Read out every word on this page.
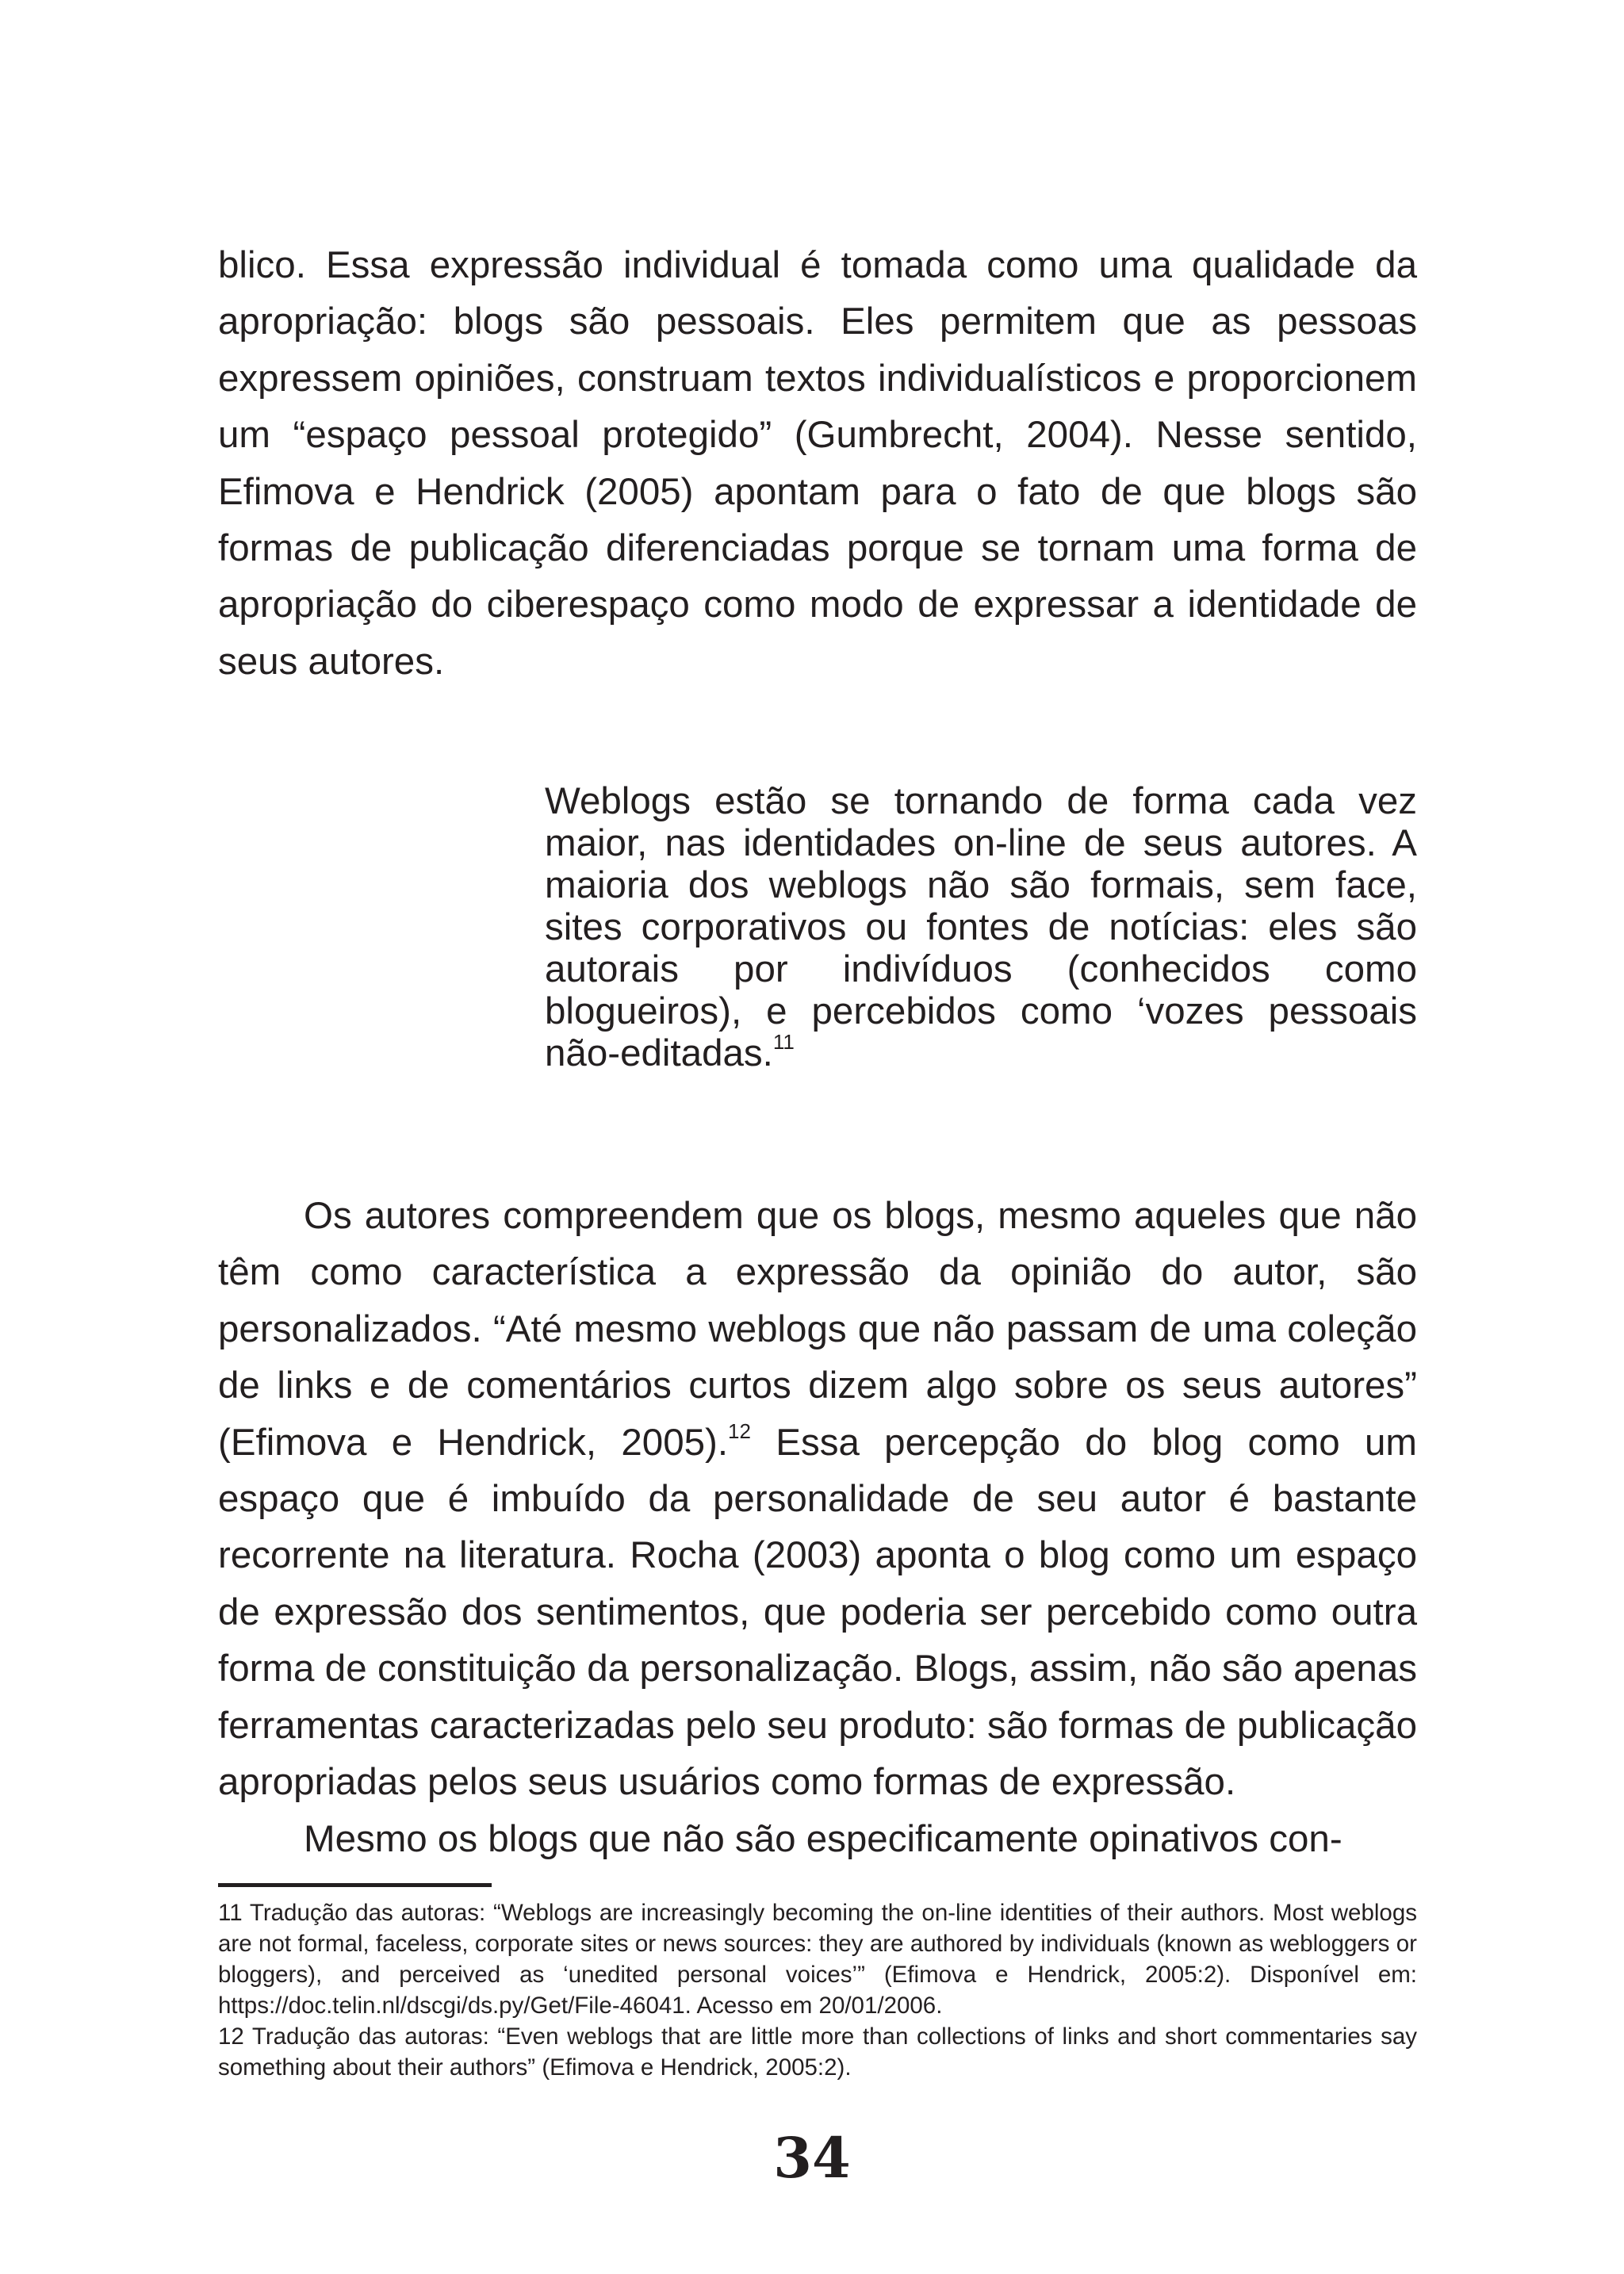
blico. Essa expressão individual é tomada como uma qualidade da apropriação: blogs são pessoais. Eles permitem que as pessoas expressem opiniões, construam textos individualísticos e proporcionem um “espaço pessoal protegido” (Gumbrecht, 2004). Nesse sentido, Efimova e Hendrick (2005) apontam para o fato de que blogs são formas de publicação diferenciadas porque se tornam uma forma de apropriação do ciberespaço como modo de expressar a identidade de seus autores.

Weblogs estão se tornando de forma cada vez maior, nas identidades on-line de seus autores. A maioria dos weblogs não são formais, sem face, sites corporativos ou fontes de notícias: eles são autorais por indivíduos (conhecidos como blogueiros), e percebidos como ‘vozes pessoais não-editadas.$^{11}$

Os autores compreendem que os blogs, mesmo aqueles que não têm como característica a expressão da opinião do autor, são personalizados. “Até mesmo weblogs que não passam de uma coleção de links e de comentários curtos dizem algo sobre os seus autores” (Efimova e Hendrick, 2005).$^{12}$ Essa percepção do blog como um espaço que é imbuído da personalidade de seu autor é bastante recorrente na literatura. Rocha (2003) aponta o blog como um espaço de expressão dos sentimentos, que poderia ser percebido como outra forma de constituição da personalização. Blogs, assim, não são apenas ferramentas caracterizadas pelo seu produto: são formas de publicação apropriadas pelos seus usuários como formas de expressão.

Mesmo os blogs que não são especificamente opinativos con-

11 Tradução das autoras: “Weblogs are increasingly becoming the on-line identities of their authors. Most weblogs are not formal, faceless, corporate sites or news sources: they are authored by individuals (known as webloggers or bloggers), and perceived as ‘unedited personal voices’” (Efimova e Hendrick, 2005:2). Disponível em: https://doc.telin.nl/dscgi/ds.py/Get/File-46041. Acesso em 20/01/2006.

12 Tradução das autoras: “Even weblogs that are little more than collections of links and short commentaries say something about their authors” (Efimova e Hendrick, 2005:2).

34
